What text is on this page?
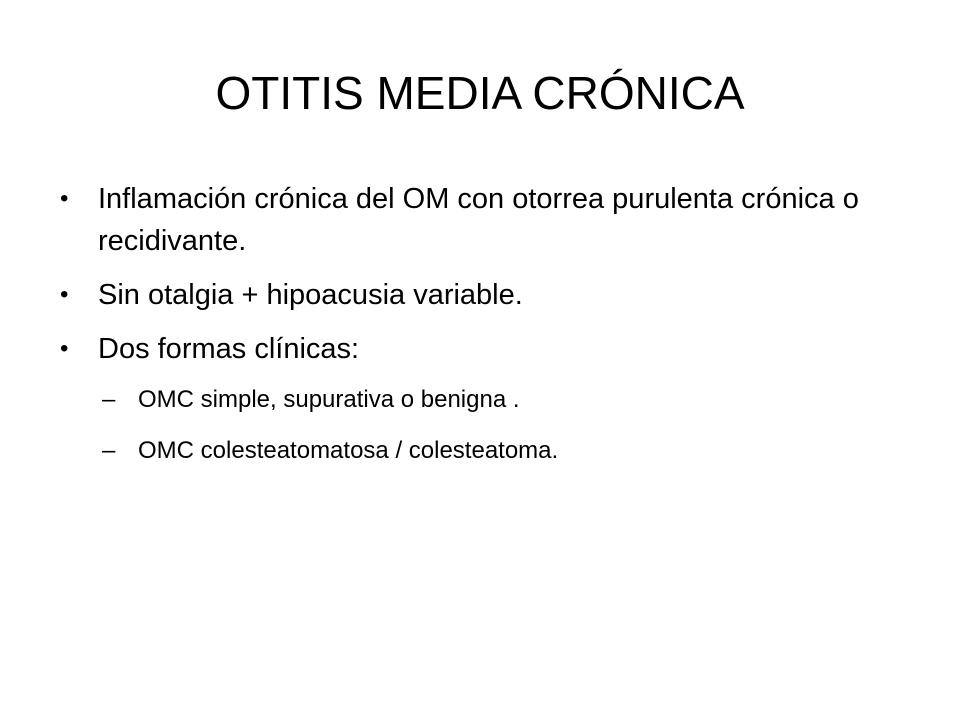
OTITIS MEDIA CRÓNICA
• Inflamación crónica del OM con otorrea purulenta crónica o recidivante.
• Sin otalgia + hipoacusia variable.
• Dos formas clínicas:
– OMC simple, supurativa o benigna .
– OMC colesteatomatosa / colesteatoma.
